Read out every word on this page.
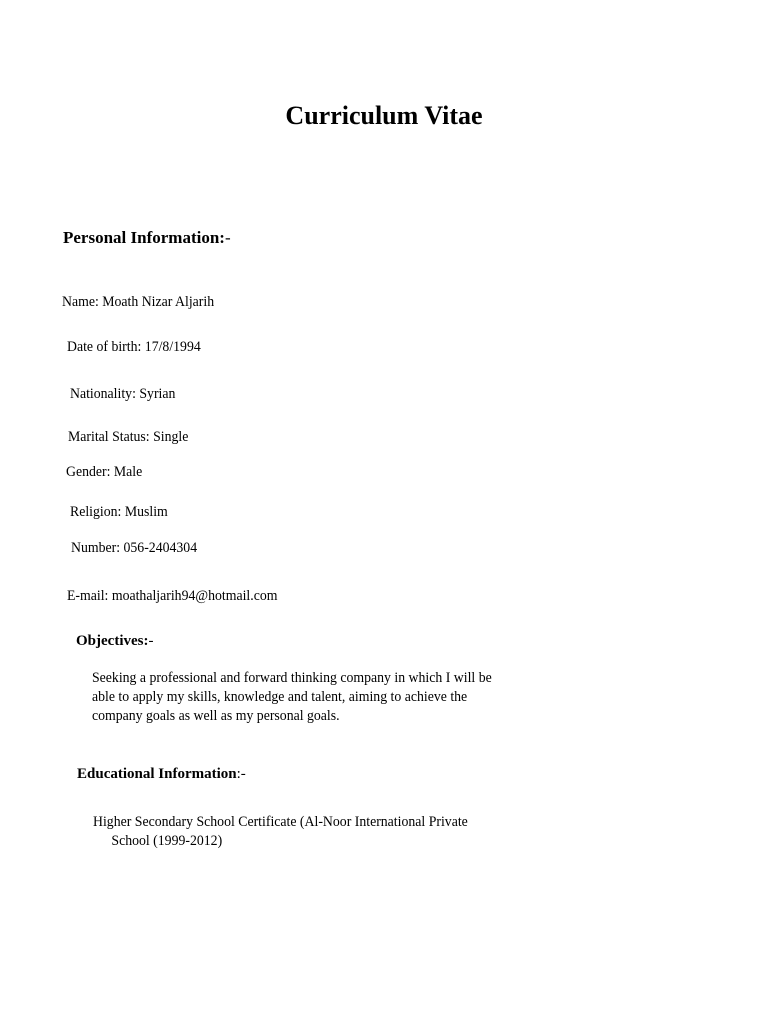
Curriculum Vitae
Personal Information:-
Name: Moath Nizar Aljarih
Date of birth: 17/8/1994
Nationality: Syrian
Marital Status: Single
Gender: Male
Religion: Muslim
Number: 056-2404304
E-mail: moathaljarih94@hotmail.com
Objectives:-
Seeking a professional and forward thinking company in which I will be
able to apply my skills, knowledge and talent, aiming to achieve the
company goals as well as my personal goals.
Educational Information:-
Higher Secondary School Certificate (Al-Noor International Private
School (1999-2012)
